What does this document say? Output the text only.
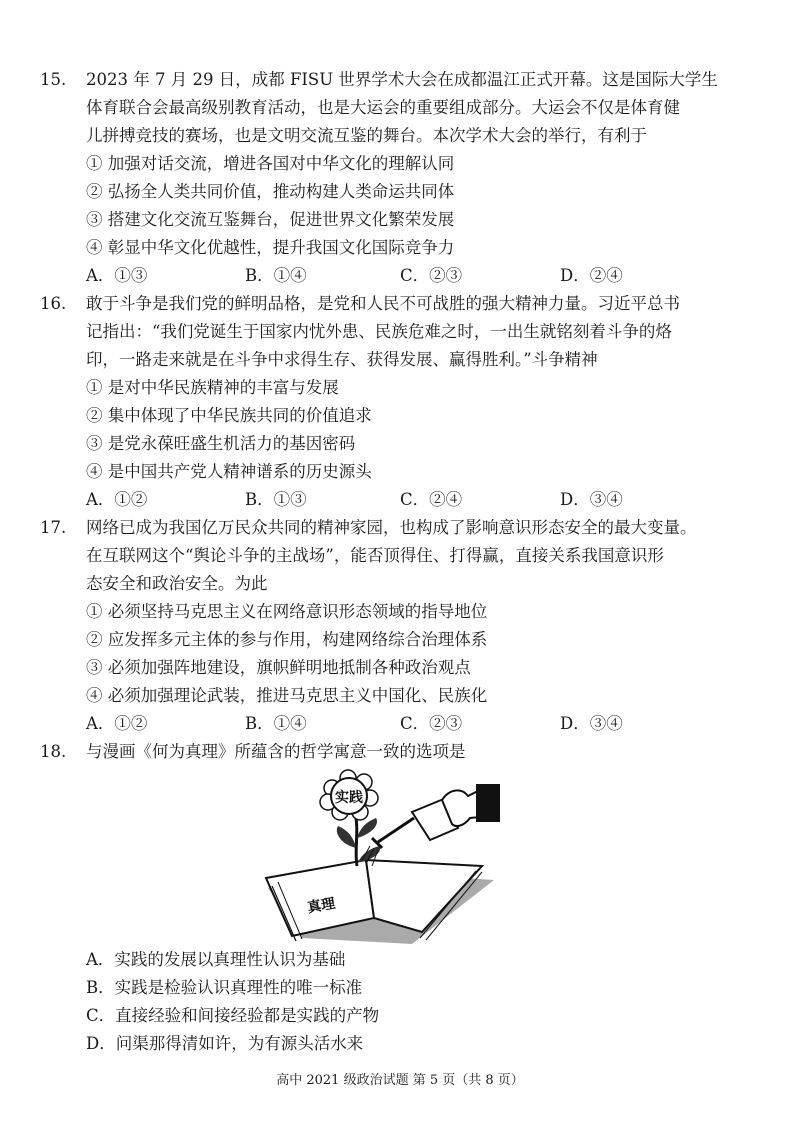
15. 2023 年 7 月 29 日，成都 FISU 世界学术大会在成都温江正式开幕。这是国际大学生
体育联合会最高级别教育活动，也是大运会的重要组成部分。大运会不仅是体育健
儿拼搏竞技的赛场，也是文明交流互鉴的舞台。本次学术大会的举行，有利于
① 加强对话交流，增进各国对中华文化的理解认同
② 弘扬全人类共同价值，推动构建人类命运共同体
③ 搭建文化交流互鉴舞台，促进世界文化繁荣发展
④ 彰显中华文化优越性，提升我国文化国际竞争力
A．①③	B．①④	C．②③	D．②④
16. 敢于斗争是我们党的鲜明品格，是党和人民不可战胜的强大精神力量。习近平总书
记指出：“我们党诞生于国家内忧外患、民族危难之时，一出生就铭刻着斗争的烙
印，一路走来就是在斗争中求得生存、获得发展、赢得胜利。”斗争精神
① 是对中华民族精神的丰富与发展
② 集中体现了中华民族共同的价值追求
③ 是党永葆旺盛生机活力的基因密码
④ 是中国共产党人精神谱系的历史源头
A．①②	B．①③	C．②④	D．③④
17. 网络已成为我国亿万民众共同的精神家园，也构成了影响意识形态安全的最大变量。
在互联网这个“舆论斗争的主战场”，能否顶得住、打得赢，直接关系我国意识形
态安全和政治安全。为此
① 必须坚持马克思主义在网络意识形态领域的指导地位
② 应发挥多元主体的参与作用，构建网络综合治理体系
③ 必须加强阵地建设，旗帜鲜明地抵制各种政治观点
④ 必须加强理论武装，推进马克思主义中国化、民族化
A．①②	B．①④	C．②③	D．③④
18. 与漫画《何为真理》所蕴含的哲学寓意一致的选项是
实践
真理
A．实践的发展以真理性认识为基础
B．实践是检验认识真理性的唯一标准
C．直接经验和间接经验都是实践的产物
D．问渠那得清如许，为有源头活水来
高中 2021 级政治试题 第 5 页（共 8 页）
